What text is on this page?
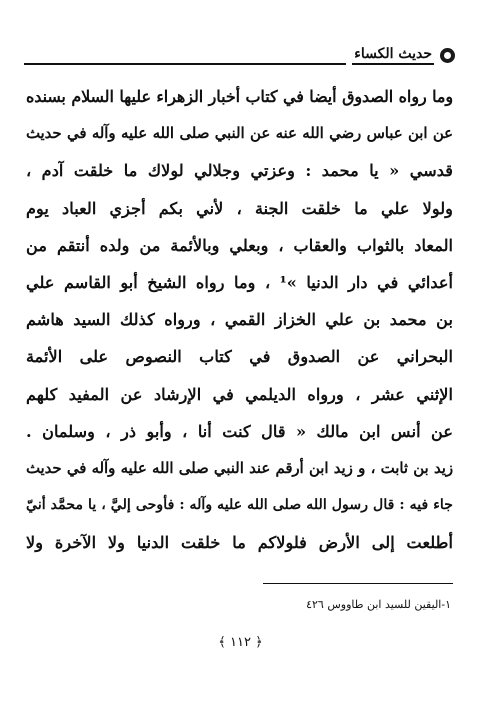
حديث الكساء
وما رواه الصدوق أيضا في كتاب أخبار الزهراء عليها السلام بسنده
عن ابن عباس رضي الله عنه عن النبي صلى الله عليه وآله في حديث
قدسي « يا محمد : وعزتي وجلالي لولاك ما خلقت آدم ،
ولولا علي ما خلقت الجنة ، لأني بكم أجزي العباد يوم
المعاد بالثواب والعقاب ، وبعلي وبالأئمة من ولده أنتقم من
أعدائي في دار الدنيا »¹ ، وما رواه الشيخ أبو القاسم علي
بن محمد بن علي الخزاز القمي ، ورواه كذلك السيد هاشم
البحراني عن الصدوق في كتاب النصوص على الأئمة
الإثني عشر ، ورواه الديلمي في الإرشاد عن المفيد كلهم
عن أنس ابن مالك « قال كنت أنا ، وأبو ذر ، وسلمان .
زيد بن ثابت ، و زيد ابن أرقم عند النبي صلى الله عليه وآله في حديث
جاء فيه : قال رسول الله صلى الله عليه وآله : فأوحى إليَّ ، يا محمَّد أنيّ
أطلعت إلى الأرض فلولاكم ما خلقت الدنيا ولا الآخرة ولا
١-اليقين للسيد ابن طاووس ٤٢٦
﴿ ١١٢ ﴾
